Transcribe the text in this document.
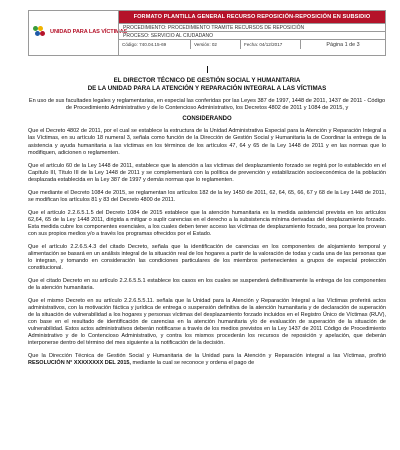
UNIDAD PARA LAS VÍCTIMAS
FORMATO PLANTILLA GENERAL RECURSO REPOSICIÓN-REPOSICIÓN EN SUBSIDIO
PROCEDIMIENTO: PROCEDIMIENTO TRAMITE RECURSOS DE REPOSICIÓN
PROCESO: SERVICIO AL CIUDADANO
Código: 740.04.15-69	Versión: 02	Fecha: 04/12/2017	Página 1 de 3
EL DIRECTOR TÉCNICO DE GESTIÓN SOCIAL Y HUMANITARIA
DE LA UNIDAD PARA LA ATENCIÓN Y REPARACIÓN INTEGRAL A LAS VÍCTIMAS

En uso de sus facultades legales y reglamentarias, en especial las conferidas por las Leyes 387 de 1997, 1448 de 2011, 1437 de 2011 - Código de Procedimiento Administrativo y de lo Contencioso Administrativo, los Decretos 4802 de 2011 y 1084 de 2015, y

CONSIDERANDO

Que el Decreto 4802 de 2011, por el cual se establece la estructura de la Unidad Administrativa Especial para la Atención y Reparación Integral a las Víctimas, en su artículo 18 numeral 3, señala como función de la Dirección de Gestión Social y Humanitaria la de Coordinar la entrega de la asistencia y ayuda humanitaria a las víctimas en los términos de los artículos 47, 64 y 65 de la Ley 1448 de 2011 y en las normas que lo modifiquen, adicionen o reglamenten.

Que el artículo 60 de la Ley 1448 de 2011, establece que la atención a las víctimas del desplazamiento forzado se regirá por lo establecido en el Capítulo III, Título III de la Ley 1448 de 2011 y se complementará con la política de prevención y estabilización socioeconómica de la población desplazada establecida en la Ley 387 de 1997 y demás normas que lo reglamenten.

Que mediante el Decreto 1084 de 2015, se reglamentan los artículos 182 de la ley 1450 de 2011, 62, 64, 65, 66, 67 y 68 de la Ley 1448 de 2011, se modifican los artículos 81 y 83 del Decreto 4800 de 2011.

Que el artículo 2.2.6.5.1.5 del Decreto 1084 de 2015 establece que la atención humanitaria es la medida asistencial prevista en los artículos 62,64, 65 de la Ley 1448 2011, dirigida a mitigar o suplir carencias en el derecho a la subsistencia mínima derivadas del desplazamiento forzado. Esta medida cubre los componentes esenciales, a los cuales deben tener acceso las víctimas de desplazamiento forzado, sea porque los provean con sus propios medios y/o a través los programas ofrecidos por el Estado.

Que el artículo 2.2.6.5.4.3 del citado Decreto, señala que la identificación de carencias en los componentes de alojamiento temporal y alimentación se basará en un análisis integral de la situación real de los hogares a partir de la valoración de todas y cada una de las personas que lo integran, y tomando en consideración las condiciones particulares de los miembros pertenecientes a grupos de especial protección constitucional.

Que el citado Decreto en su artículo 2.2.6.5.5.1 establece los casos en los cuales se suspenderá definitivamente la entrega de los componentes de la atención humanitaria.

Que el mismo Decreto en su artículo 2.2.6.5.5.11. señala que la Unidad para la Atención y Reparación Integral a las Víctimas proferirá actos administrativos, con la motivación fáctica y jurídica de entrega o suspensión definitiva de la atención humanitaria y de declaración de superación de la situación de vulnerabilidad a los hogares y personas víctimas del desplazamiento forzado incluidos en el Registro Único de Víctimas (RUV), con base en el resultado de identificación de carencias en la atención humanitaria y/o de evaluación de superación de la situación de vulnerabilidad. Estos actos administrativos deberán notificarse a través de los medios previstos en la Ley 1437 de 2011 Código de Procedimiento Administrativo y de lo Contencioso Administrativo, y contra los mismos procederán los recursos de reposición y apelación, que deberán interponerse dentro del término del mes siguiente a la notificación de la decisión.

Que la Dirección Técnica de Gestión Social y Humanitaria de la Unidad para la Atención y Reparación integral a las Víctimas, profirió RESOLUCIÓN N° XXXXXXXX DEL 2015, mediante la cual se reconoce y ordena el pago de
